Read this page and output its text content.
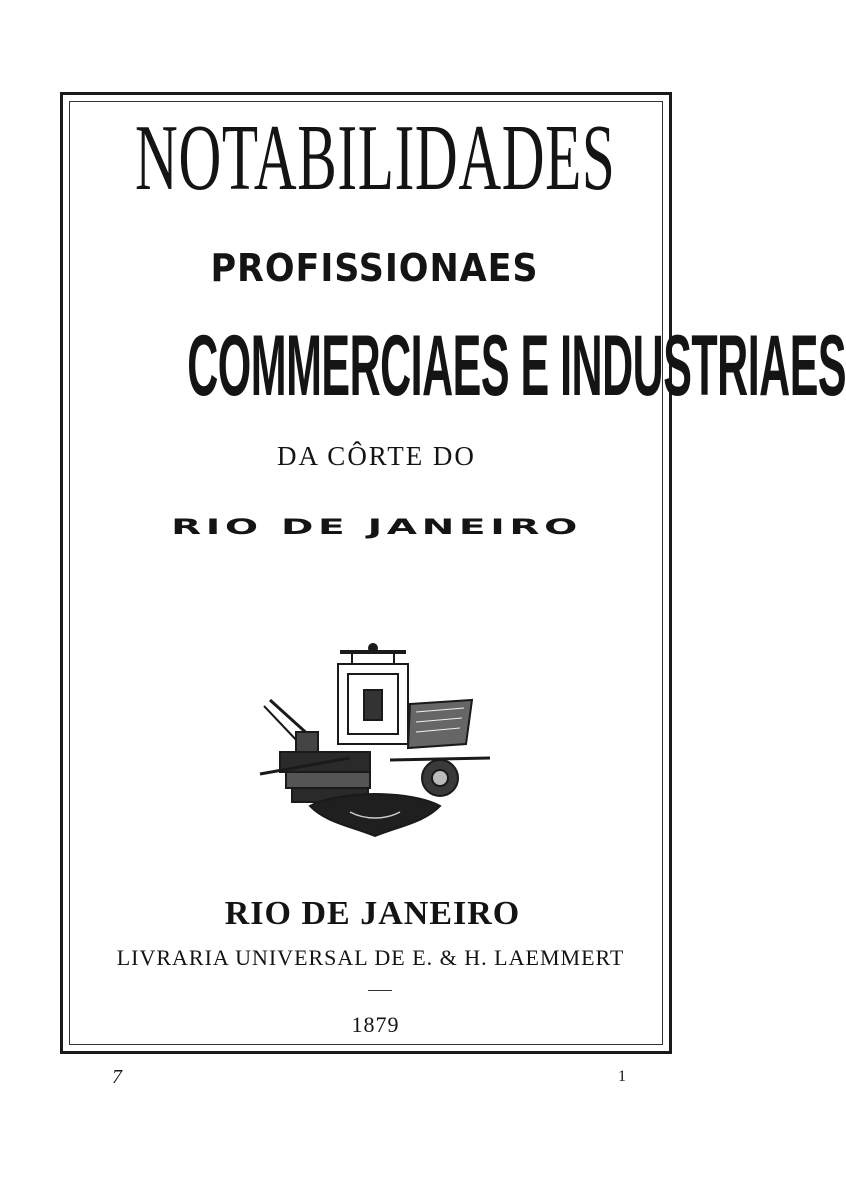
NOTABILIDADES
PROFISSIONAES
COMMERCIAES E INDUSTRIAES
DA CÔRTE DO
RIO DE JANEIRO
RIO DE JANEIRO
LIVRARIA UNIVERSAL DE E. & H. LAEMMERT
1879
7	1
